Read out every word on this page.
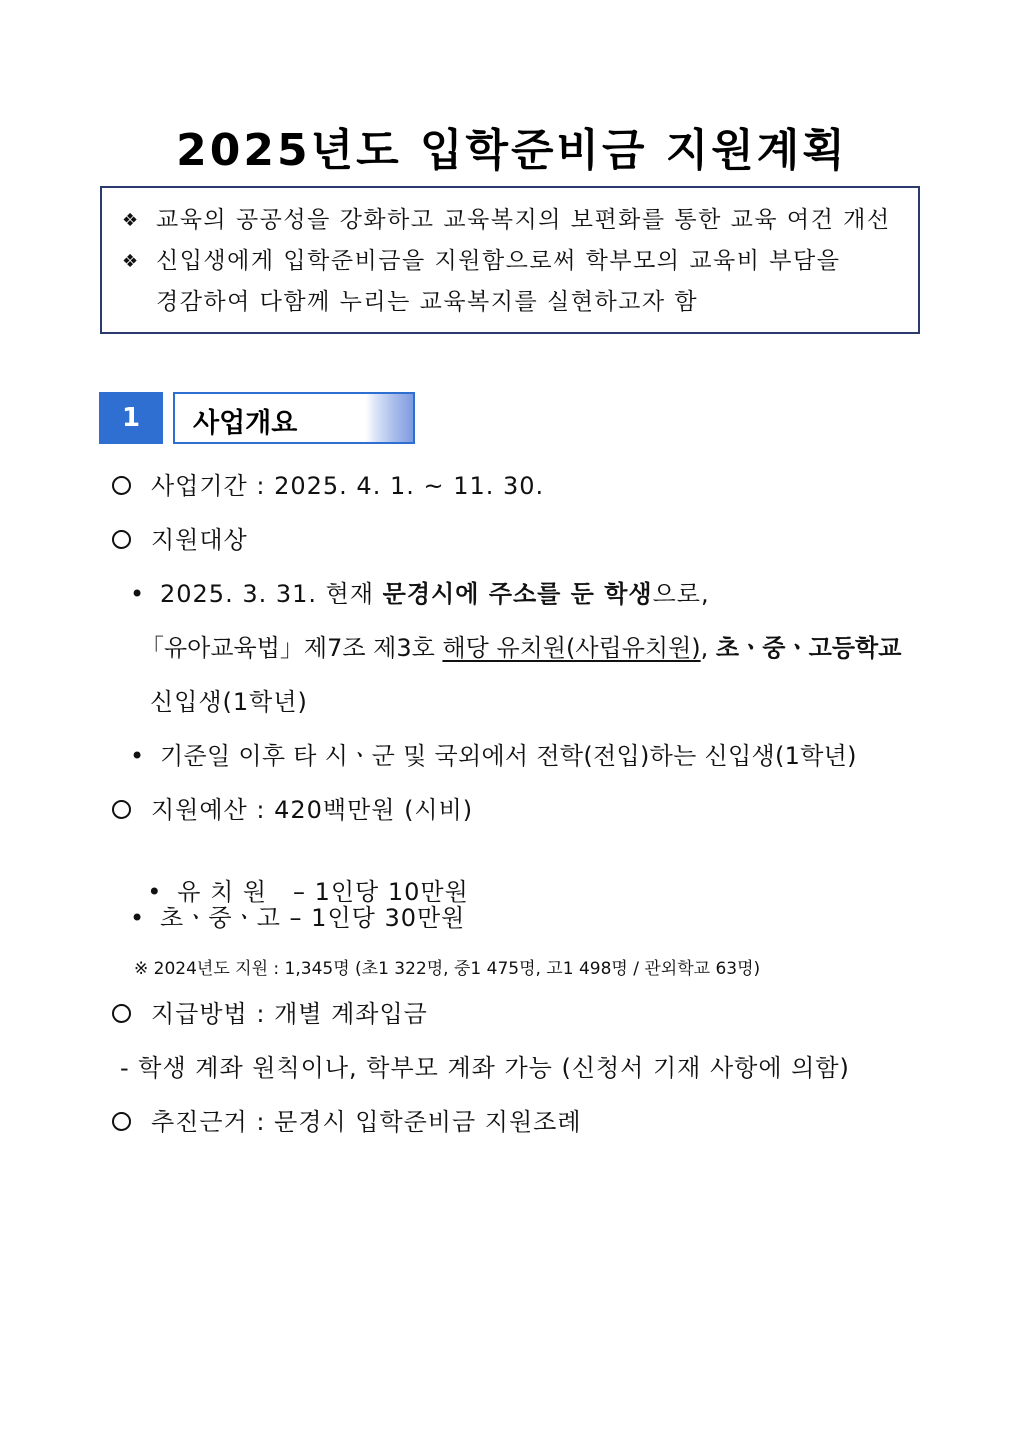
2025년도 입학준비금 지원계획
❖ 교육의 공공성을 강화하고 교육복지의 보편화를 통한 교육 여건 개선
❖ 신입생에게 입학준비금을 지원함으로써 학부모의 교육비 부담을
경감하여 다함께 누리는 교육복지를 실현하고자 함
1	사업개요
사업기간 : 2025. 4. 1. ~ 11. 30.
지원대상
• 2025. 3. 31. 현재 문경시에 주소를 둔 학생으로,
「유아교육법」제7조 제3호 해당 유치원(사립유치원), 초ㆍ중ㆍ고등학교
신입생(1학년)
• 기준일 이후 타 시ㆍ군 및 국외에서 전학(전입)하는 신입생(1학년)
지원예산 : 420백만원 (시비)

• 유 치 원   – 1인당 10만원

• 초ㆍ중ㆍ고 – 1인당 30만원
※ 2024년도 지원 : 1,345명 (초1 322명, 중1 475명, 고1 498명 / 관외학교 63명)
지급방법 : 개별 계좌입금
- 학생 계좌 원칙이나, 학부모 계좌 가능 (신청서 기재 사항에 의함)
추진근거 : 문경시 입학준비금 지원조례
